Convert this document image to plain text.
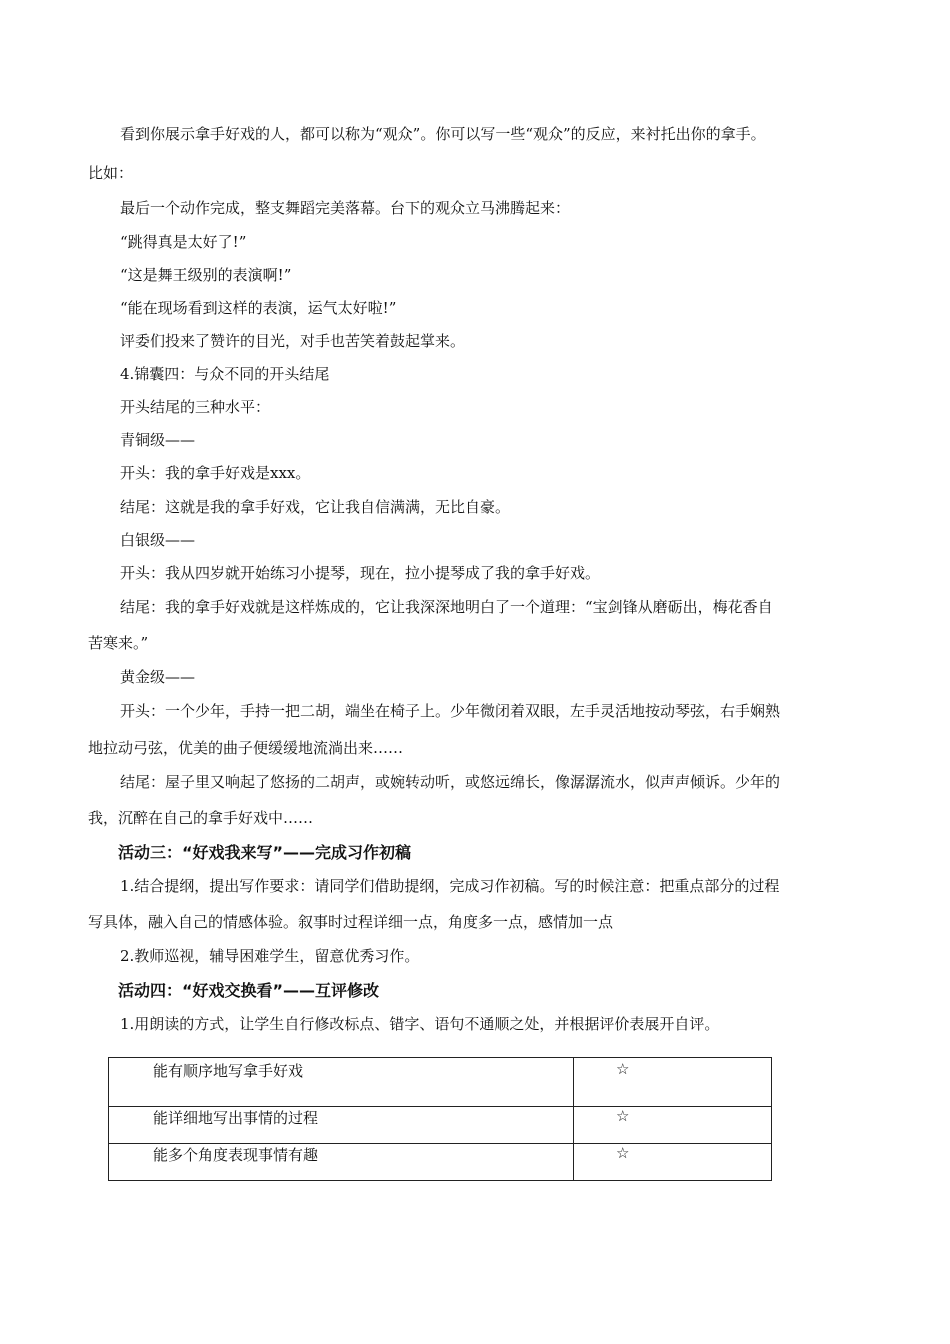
看到你展示拿手好戏的人，都可以称为“观众”。你可以写一些“观众”的反应，来衬托出你的拿手。
比如：
最后一个动作完成，整支舞蹈完美落幕。台下的观众立马沸腾起来：
“跳得真是太好了!”
“这是舞王级别的表演啊!”
“能在现场看到这样的表演，运气太好啦!”
评委们投来了赞许的目光，对手也苦笑着鼓起掌来。
4.锦囊四：与众不同的开头结尾
开头结尾的三种水平：
青铜级——
开头：我的拿手好戏是xxx。
结尾：这就是我的拿手好戏，它让我自信满满，无比自豪。
白银级——
开头：我从四岁就开始练习小提琴，现在，拉小提琴成了我的拿手好戏。
结尾：我的拿手好戏就是这样炼成的，它让我深深地明白了一个道理：“宝剑锋从磨砺出，梅花香自
苦寒来。”
黄金级——
开头：一个少年，手持一把二胡，端坐在椅子上。少年微闭着双眼，左手灵活地按动琴弦，右手娴熟
地拉动弓弦，优美的曲子便缓缓地流淌出来……
结尾：屋子里又响起了悠扬的二胡声，或婉转动听，或悠远绵长，像潺潺流水，似声声倾诉。少年的
我，沉醉在自己的拿手好戏中……
活动三：“好戏我来写”——完成习作初稿
1.结合提纲，提出写作要求：请同学们借助提纲，完成习作初稿。写的时候注意：把重点部分的过程
写具体，融入自己的情感体验。叙事时过程详细一点，角度多一点，感情加一点
2.教师巡视，辅导困难学生，留意优秀习作。
活动四：“好戏交换看”——互评修改
1.用朗读的方式，让学生自行修改标点、错字、语句不通顺之处，并根据评价表展开自评。
能有顺序地写拿手好戏	☆
能详细地写出事情的过程	☆
能多个角度表现事情有趣	☆
